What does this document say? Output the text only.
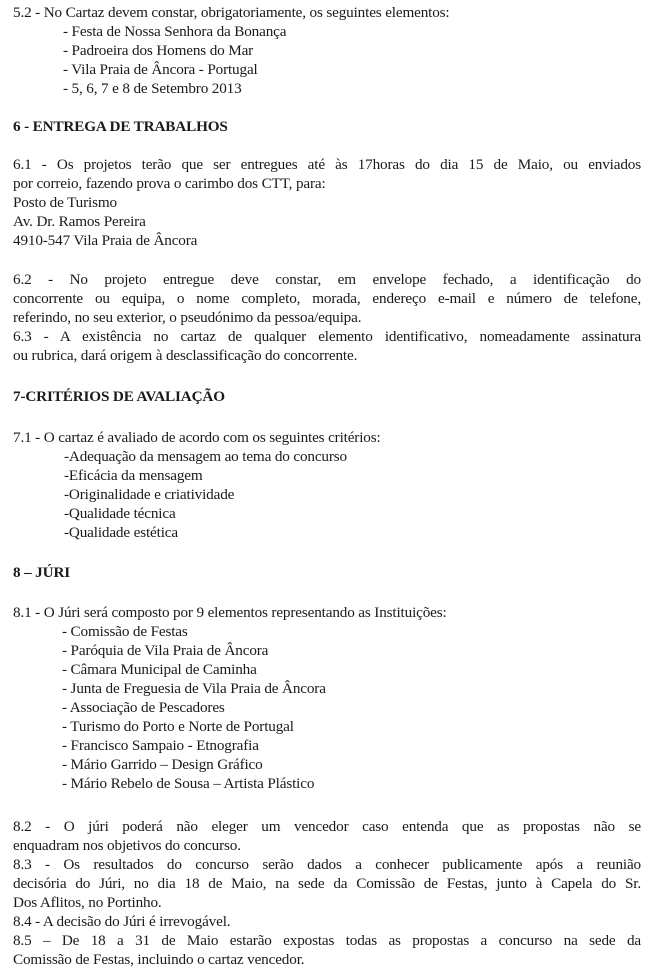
5.2 - No Cartaz devem constar, obrigatoriamente, os seguintes elementos:
- Festa de Nossa Senhora da Bonança
- Padroeira dos Homens do Mar
- Vila Praia de Âncora - Portugal
- 5, 6, 7 e 8 de Setembro 2013
6 - ENTREGA DE TRABALHOS
6.1 - Os projetos terão que ser entregues até às 17horas do dia 15 de Maio, ou enviados
por correio, fazendo prova o carimbo dos CTT, para:
Posto de Turismo
Av. Dr. Ramos Pereira
4910-547 Vila Praia de Âncora
6.2 - No projeto entregue deve constar, em envelope fechado, a identificação do
concorrente ou equipa, o nome completo, morada, endereço e-mail e número de telefone,
referindo, no seu exterior, o pseudónimo da pessoa/equipa.
6.3 - A existência no cartaz de qualquer elemento identificativo, nomeadamente assinatura
ou rubrica, dará origem à desclassificação do concorrente.
7-CRITÉRIOS DE AVALIAÇÃO
7.1 - O cartaz é avaliado de acordo com os seguintes critérios:
-Adequação da mensagem ao tema do concurso
-Eficácia da mensagem
-Originalidade e criatividade
-Qualidade técnica
-Qualidade estética
8 – JÚRI
8.1 - O Júri será composto por 9 elementos representando as Instituições:
- Comissão de Festas
- Paróquia de Vila Praia de Âncora
- Câmara Municipal de Caminha
- Junta de Freguesia de Vila Praia de Âncora
- Associação de Pescadores
- Turismo do Porto e Norte de Portugal
- Francisco Sampaio - Etnografia
- Mário Garrido – Design Gráfico
- Mário Rebelo de Sousa – Artista Plástico
8.2 - O júri poderá não eleger um vencedor caso entenda que as propostas não se
enquadram nos objetivos do concurso.
8.3 - Os resultados do concurso serão dados a conhecer publicamente após a reunião
decisória do Júri, no dia 18 de Maio, na sede da Comissão de Festas, junto à Capela do Sr.
Dos Aflitos, no Portinho.
8.4 - A decisão do Júri é irrevogável.
8.5 – De 18 a 31 de Maio estarão expostas todas as propostas a concurso na sede da
Comissão de Festas, incluindo o cartaz vencedor.
